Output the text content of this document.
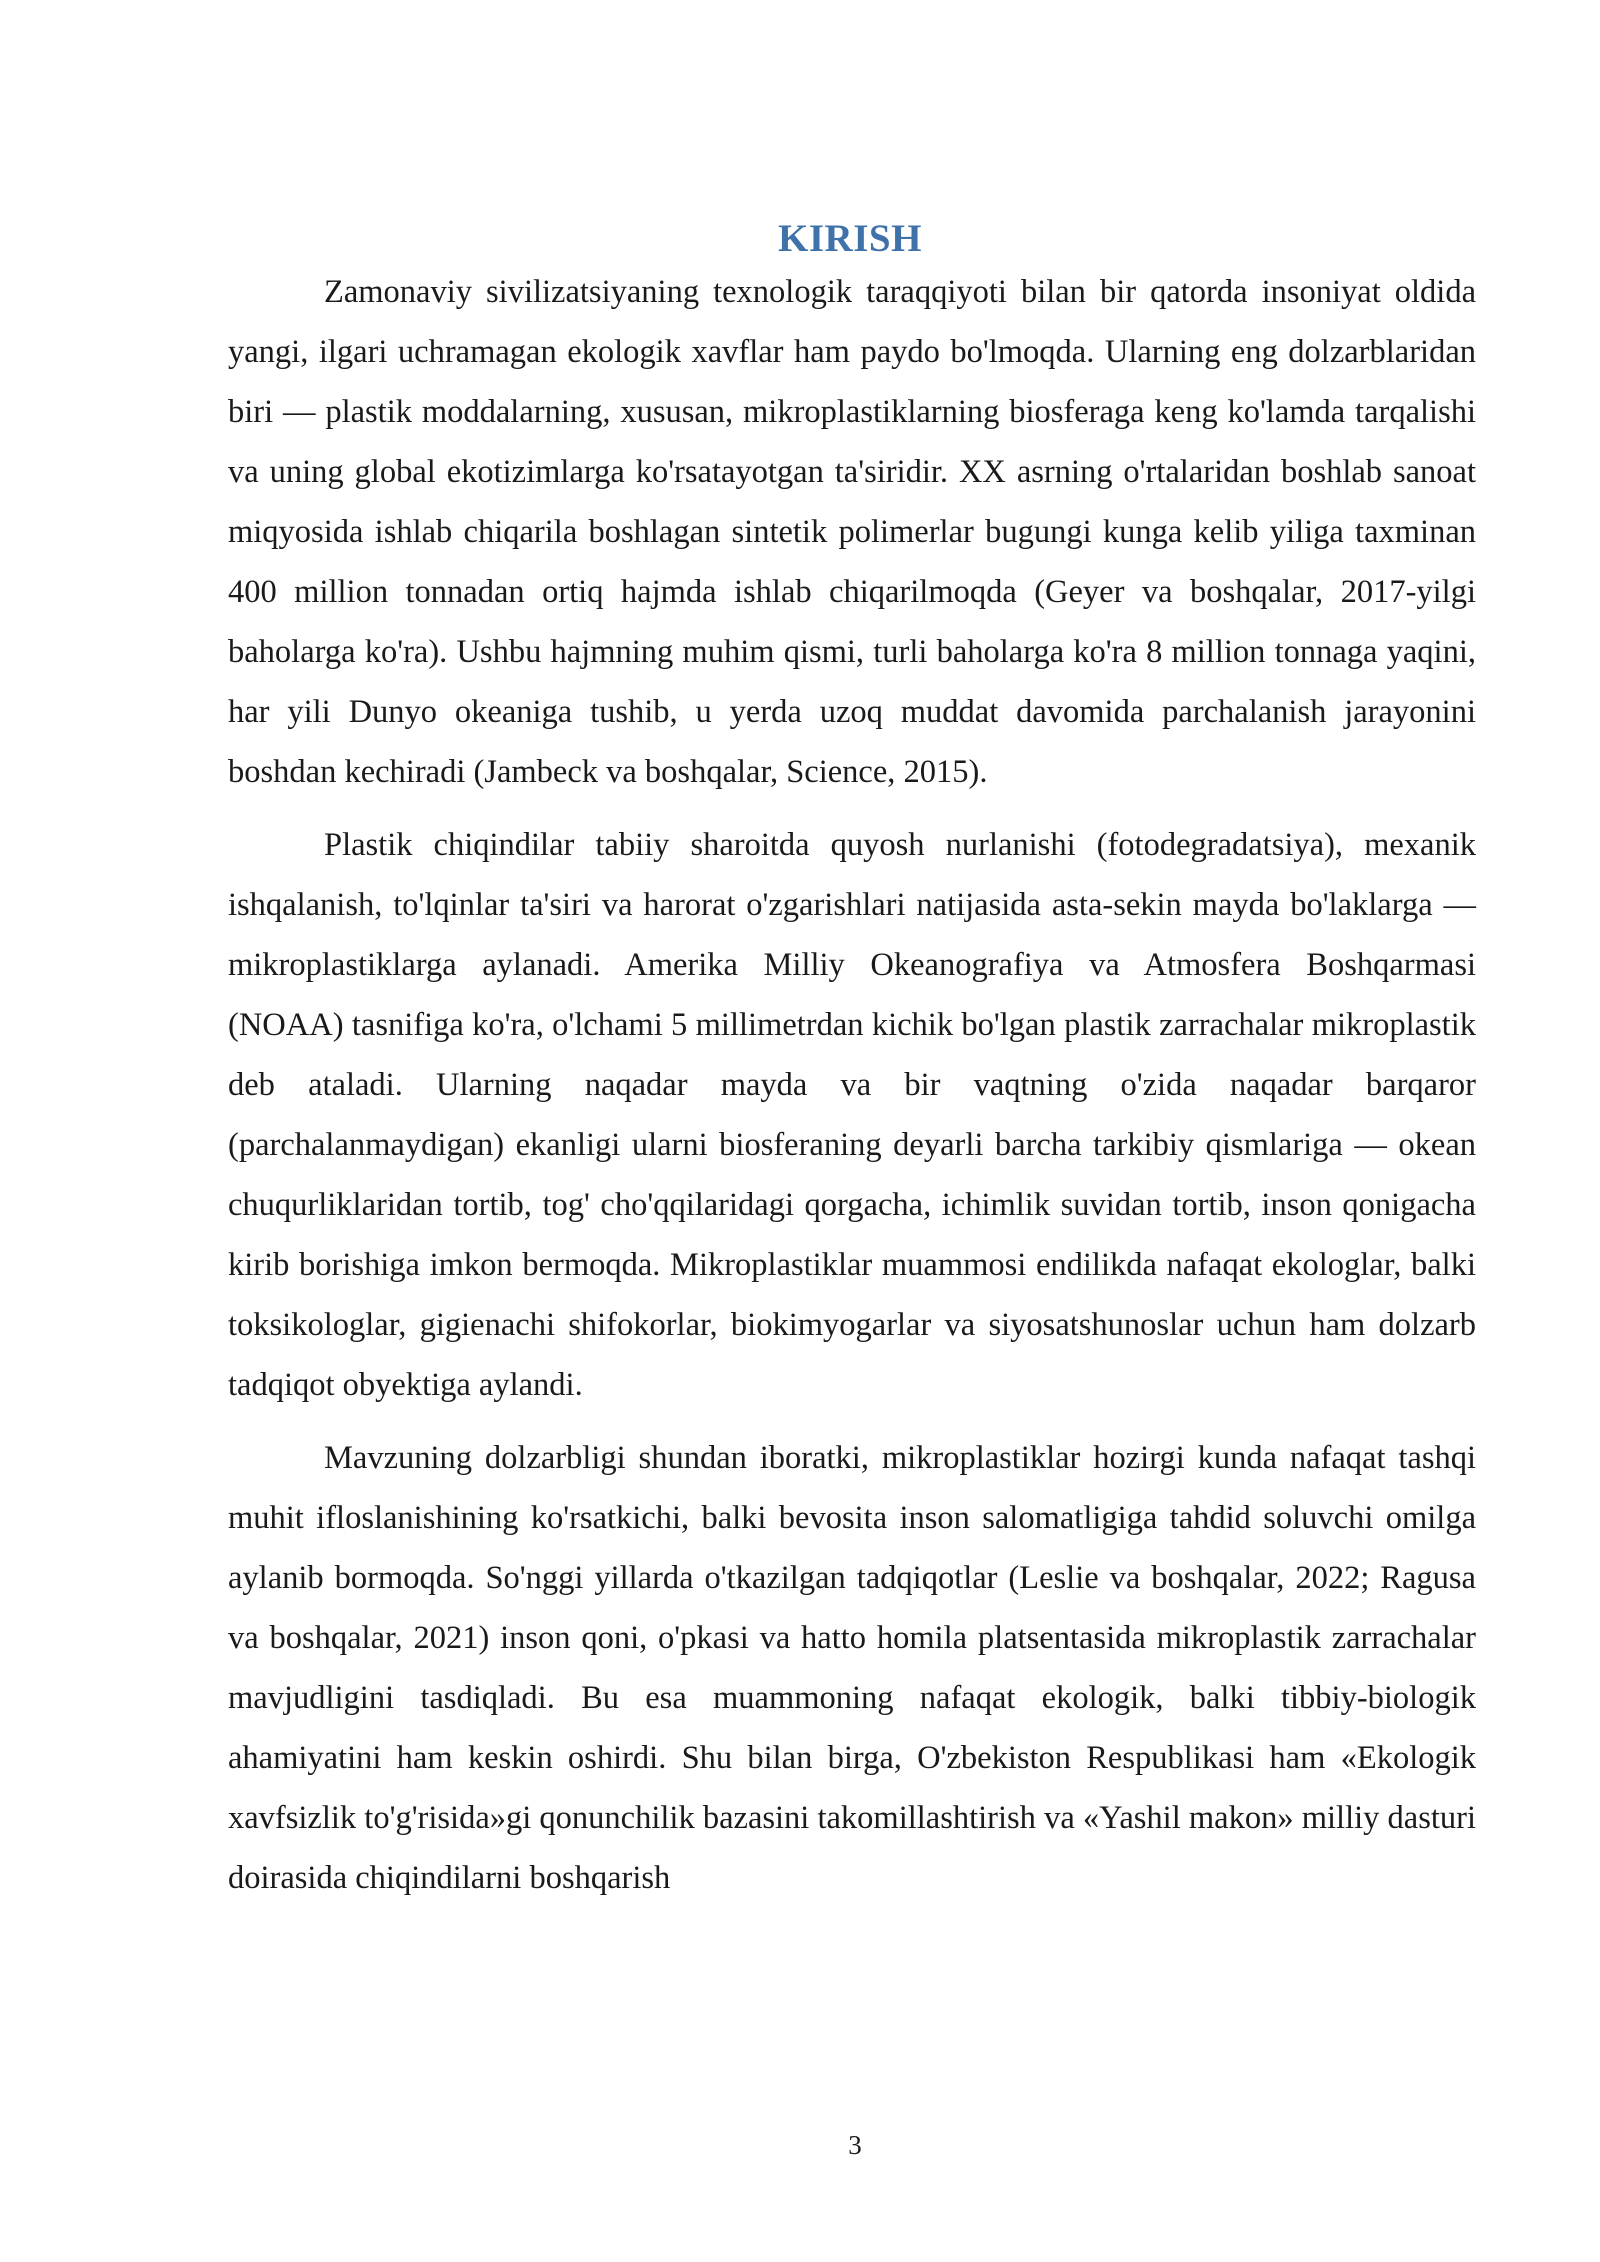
KIRISH

Zamonaviy sivilizatsiyaning texnologik taraqqiyoti bilan bir qatorda insoniyat oldida yangi, ilgari uchramagan ekologik xavflar ham paydo bo'lmoqda. Ularning eng dolzarblaridan biri — plastik moddalarning, xususan, mikroplastiklarning biosferaga keng ko'lamda tarqalishi va uning global ekotizimlarga ko'rsatayotgan ta'siridir. XX asrning o'rtalaridan boshlab sanoat miqyosida ishlab chiqarila boshlagan sintetik polimerlar bugungi kunga kelib yiliga taxminan 400 million tonnadan ortiq hajmda ishlab chiqarilmoqda (Geyer va boshqalar, 2017-yilgi baholarga ko'ra). Ushbu hajmning muhim qismi, turli baholarga ko'ra 8 million tonnaga yaqini, har yili Dunyo okeaniga tushib, u yerda uzoq muddat davomida parchalanish jarayonini boshdan kechiradi (Jambeck va boshqalar, Science, 2015).

Plastik chiqindilar tabiiy sharoitda quyosh nurlanishi (fotodegradatsiya), mexanik ishqalanish, to'lqinlar ta'siri va harorat o'zgarishlari natijasida asta-sekin mayda bo'laklarga — mikroplastiklarga aylanadi. Amerika Milliy Okeanografiya va Atmosfera Boshqarmasi (NOAA) tasnifiga ko'ra, o'lchami 5 millimetrdan kichik bo'lgan plastik zarrachalar mikroplastik deb ataladi. Ularning naqadar mayda va bir vaqtning o'zida naqadar barqaror (parchalanmaydigan) ekanligi ularni biosferaning deyarli barcha tarkibiy qismlariga — okean chuqurliklaridan tortib, tog' cho'qqilaridagi qorgacha, ichimlik suvidan tortib, inson qonigacha kirib borishiga imkon bermoqda. Mikroplastiklar muammosi endilikda nafaqat ekologlar, balki toksikologlar, gigienachi shifokorlar, biokimyogarlar va siyosatshunoslar uchun ham dolzarb tadqiqot obyektiga aylandi.

Mavzuning dolzarbligi shundan iboratki, mikroplastiklar hozirgi kunda nafaqat tashqi muhit ifloslanishining ko'rsatkichi, balki bevosita inson salomatligiga tahdid soluvchi omilga aylanib bormoqda. So'nggi yillarda o'tkazilgan tadqiqotlar (Leslie va boshqalar, 2022; Ragusa va boshqalar, 2021) inson qoni, o'pkasi va hatto homila platsentasida mikroplastik zarrachalar mavjudligini tasdiqladi. Bu esa muammoning nafaqat ekologik, balki tibbiy-biologik ahamiyatini ham keskin oshirdi. Shu bilan birga, O'zbekiston Respublikasi ham «Ekologik xavfsizlik to'g'risida»gi qonunchilik bazasini takomillashtirish va «Yashil makon» milliy dasturi doirasida chiqindilarni boshqarish

3
